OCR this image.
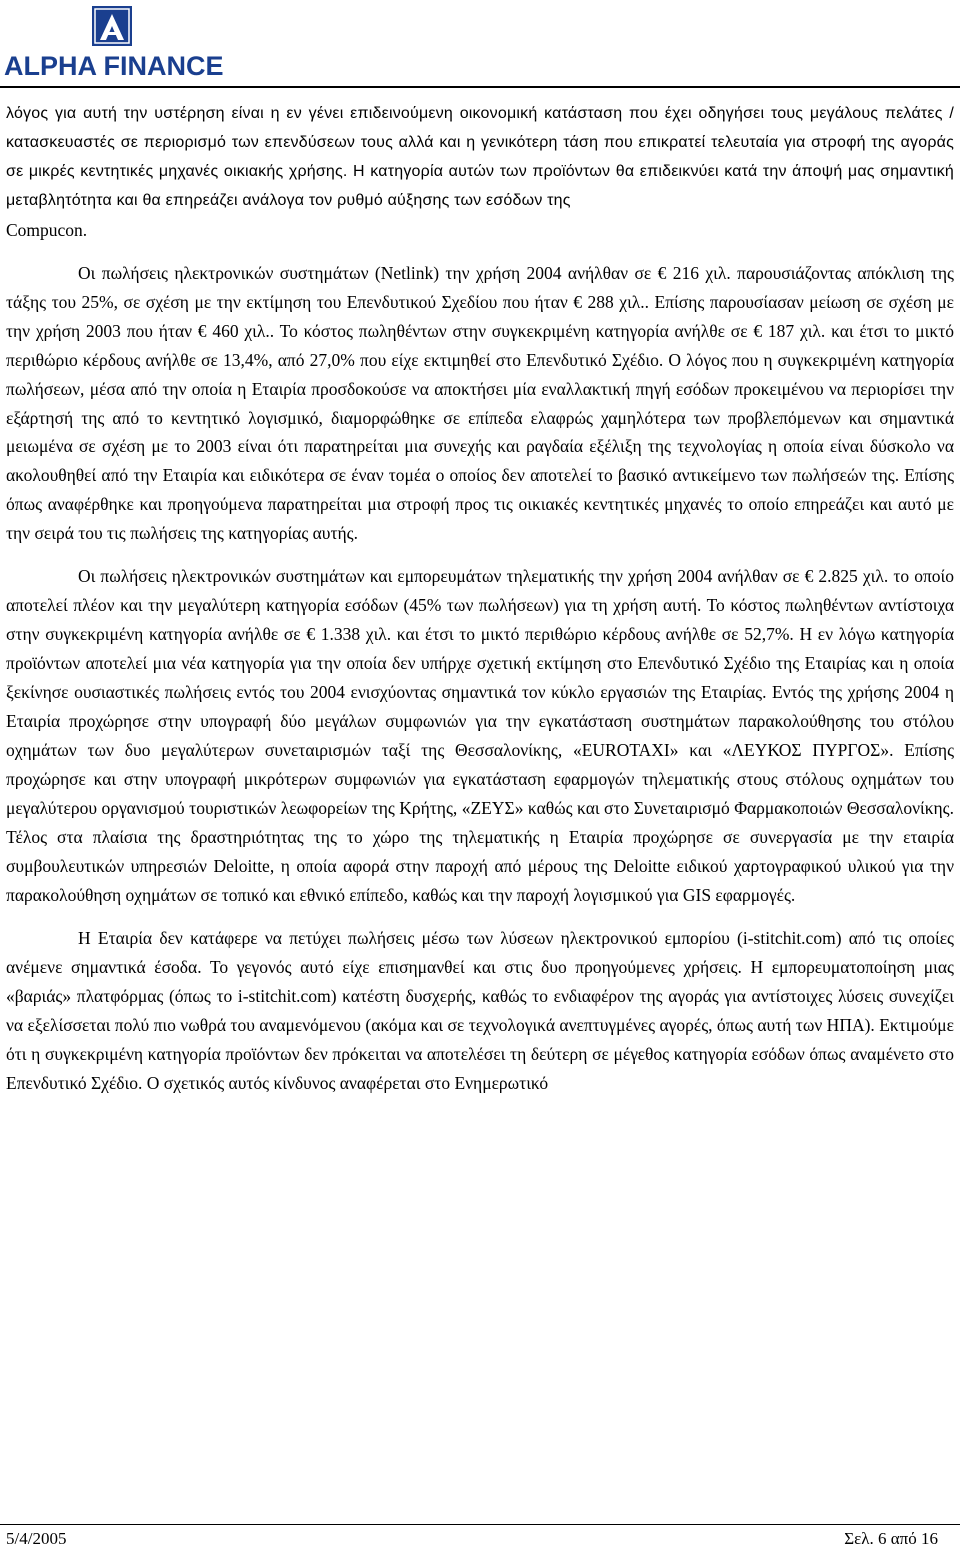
ALPHA FINANCE

λόγος για αυτή την υστέρηση είναι η εν γένει επιδεινούμενη οικονομική κατάσταση που έχει οδηγήσει τους μεγάλους πελάτες / κατασκευαστές σε περιορισμό των επενδύσεων τους αλλά και η γενικότερη τάση που επικρατεί τελευταία για στροφή της αγοράς σε μικρές κεντητικές μηχανές οικιακής χρήσης. Η κατηγορία αυτών των προϊόντων θα επιδεικνύει κατά την άποψή μας σημαντική μεταβλητότητα και θα επηρεάζει ανάλογα τον ρυθμό αύξησης των εσόδων της

Compucon.

Οι πωλήσεις ηλεκτρονικών συστημάτων (Netlink) την χρήση 2004 ανήλθαν σε € 216 χιλ. παρουσιάζοντας απόκλιση της τάξης του 25%, σε σχέση με την εκτίμηση του Επενδυτικού Σχεδίου που ήταν € 288 χιλ.. Επίσης παρουσίασαν μείωση σε σχέση με την χρήση 2003 που ήταν € 460 χιλ.. Το κόστος πωληθέντων στην συγκεκριμένη κατηγορία ανήλθε σε € 187 χιλ. και έτσι το μικτό περιθώριο κέρδους ανήλθε σε 13,4%, από 27,0% που είχε εκτιμηθεί στο Επενδυτικό Σχέδιο. Ο λόγος που η συγκεκριμένη κατηγορία πωλήσεων, μέσα από την οποία η Εταιρία προσδοκούσε να αποκτήσει μία εναλλακτική πηγή εσόδων προκειμένου να περιορίσει την εξάρτησή της από το κεντητικό λογισμικό, διαμορφώθηκε σε επίπεδα ελαφρώς χαμηλότερα των προβλεπόμενων και σημαντικά μειωμένα σε σχέση με το 2003 είναι ότι παρατηρείται μια συνεχής και ραγδαία εξέλιξη της τεχνολογίας η οποία είναι δύσκολο να ακολουθηθεί από την Εταιρία και ειδικότερα σε έναν τομέα ο οποίος δεν αποτελεί το βασικό αντικείμενο των πωλήσεών της. Επίσης όπως αναφέρθηκε και προηγούμενα παρατηρείται μια στροφή προς τις οικιακές κεντητικές μηχανές το οποίο επηρεάζει και αυτό με την σειρά του τις πωλήσεις της κατηγορίας αυτής.

Οι πωλήσεις ηλεκτρονικών συστημάτων και εμπορευμάτων τηλεματικής την χρήση 2004 ανήλθαν σε € 2.825 χιλ. το οποίο αποτελεί πλέον και την μεγαλύτερη κατηγορία εσόδων (45% των πωλήσεων) για τη χρήση αυτή. Το κόστος πωληθέντων αντίστοιχα στην συγκεκριμένη κατηγορία ανήλθε σε € 1.338 χιλ. και έτσι το μικτό περιθώριο κέρδους ανήλθε σε 52,7%. Η εν λόγω κατηγορία προϊόντων αποτελεί μια νέα κατηγορία για την οποία δεν υπήρχε σχετική εκτίμηση στο Επενδυτικό Σχέδιο της Εταιρίας και η οποία ξεκίνησε ουσιαστικές πωλήσεις εντός του 2004 ενισχύοντας σημαντικά τον κύκλο εργασιών της Εταιρίας. Εντός της χρήσης 2004 η Εταιρία προχώρησε στην υπογραφή δύο μεγάλων συμφωνιών για την εγκατάσταση συστημάτων παρακολούθησης του στόλου οχημάτων των δυο μεγαλύτερων συνεταιρισμών ταξί της Θεσσαλονίκης, «EUROTAXI» και «ΛΕΥΚΟΣ ΠΥΡΓΟΣ». Επίσης προχώρησε και στην υπογραφή μικρότερων συμφωνιών για εγκατάσταση εφαρμογών τηλεματικής στους στόλους οχημάτων του μεγαλύτερου οργανισμού τουριστικών λεωφορείων της Κρήτης, «ΖΕΥΣ» καθώς και στο Συνεταιρισμό Φαρμακοποιών Θεσσαλονίκης. Τέλος στα πλαίσια της δραστηριότητας της το χώρο της τηλεματικής η Εταιρία προχώρησε σε συνεργασία με την εταιρία συμβουλευτικών υπηρεσιών Deloitte, η οποία αφορά στην παροχή από μέρους της Deloitte ειδικού χαρτογραφικού υλικού για την παρακολούθηση οχημάτων σε τοπικό και εθνικό επίπεδο, καθώς και την παροχή λογισμικού για GIS εφαρμογές.

Η Εταιρία δεν κατάφερε να πετύχει πωλήσεις μέσω των λύσεων ηλεκτρονικού εμπορίου (i-stitchit.com) από τις οποίες ανέμενε σημαντικά έσοδα. Το γεγονός αυτό είχε επισημανθεί και στις δυο προηγούμενες χρήσεις. Η εμπορευματοποίηση μιας «βαριάς» πλατφόρμας (όπως το i-stitchit.com) κατέστη δυσχερής, καθώς το ενδιαφέρον της αγοράς για αντίστοιχες λύσεις συνεχίζει να εξελίσσεται πολύ πιο νωθρά του αναμενόμενου (ακόμα και σε τεχνολογικά ανεπτυγμένες αγορές, όπως αυτή των ΗΠΑ). Εκτιμούμε ότι η συγκεκριμένη κατηγορία προϊόντων δεν πρόκειται να αποτελέσει τη δεύτερη σε μέγεθος κατηγορία εσόδων όπως αναμένετο στο Επενδυτικό Σχέδιο. Ο σχετικός αυτός κίνδυνος αναφέρεται στο Ενημερωτικό

5/4/2005	Σελ. 6 από 16
